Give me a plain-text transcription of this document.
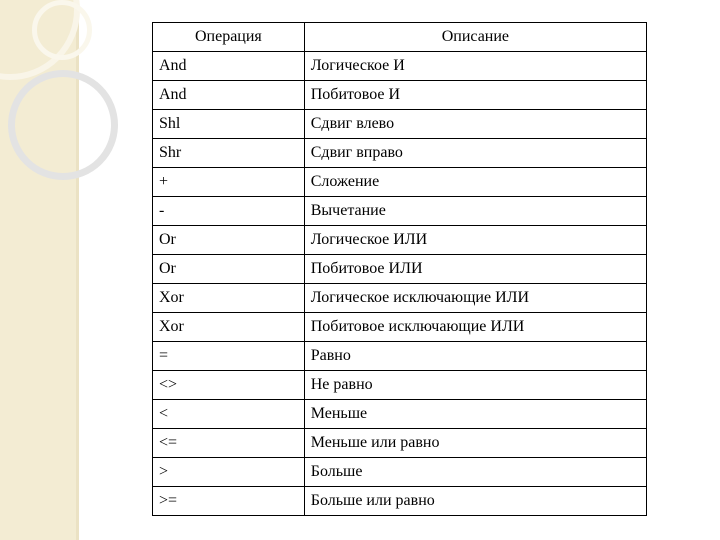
Операция	Описание
And	Логическое И
And	Побитовое И
Shl	Сдвиг влево
Shr	Сдвиг вправо
+	Сложение
-	Вычетание
Or	Логическое ИЛИ
Or	Побитовое ИЛИ
Xor	Логическое исключающие ИЛИ
Xor	Побитовое исключающие ИЛИ
=	Равно
<>	Не равно
<	Меньше
<=	Меньше или равно
>	Больше
>=	Больше или равно
